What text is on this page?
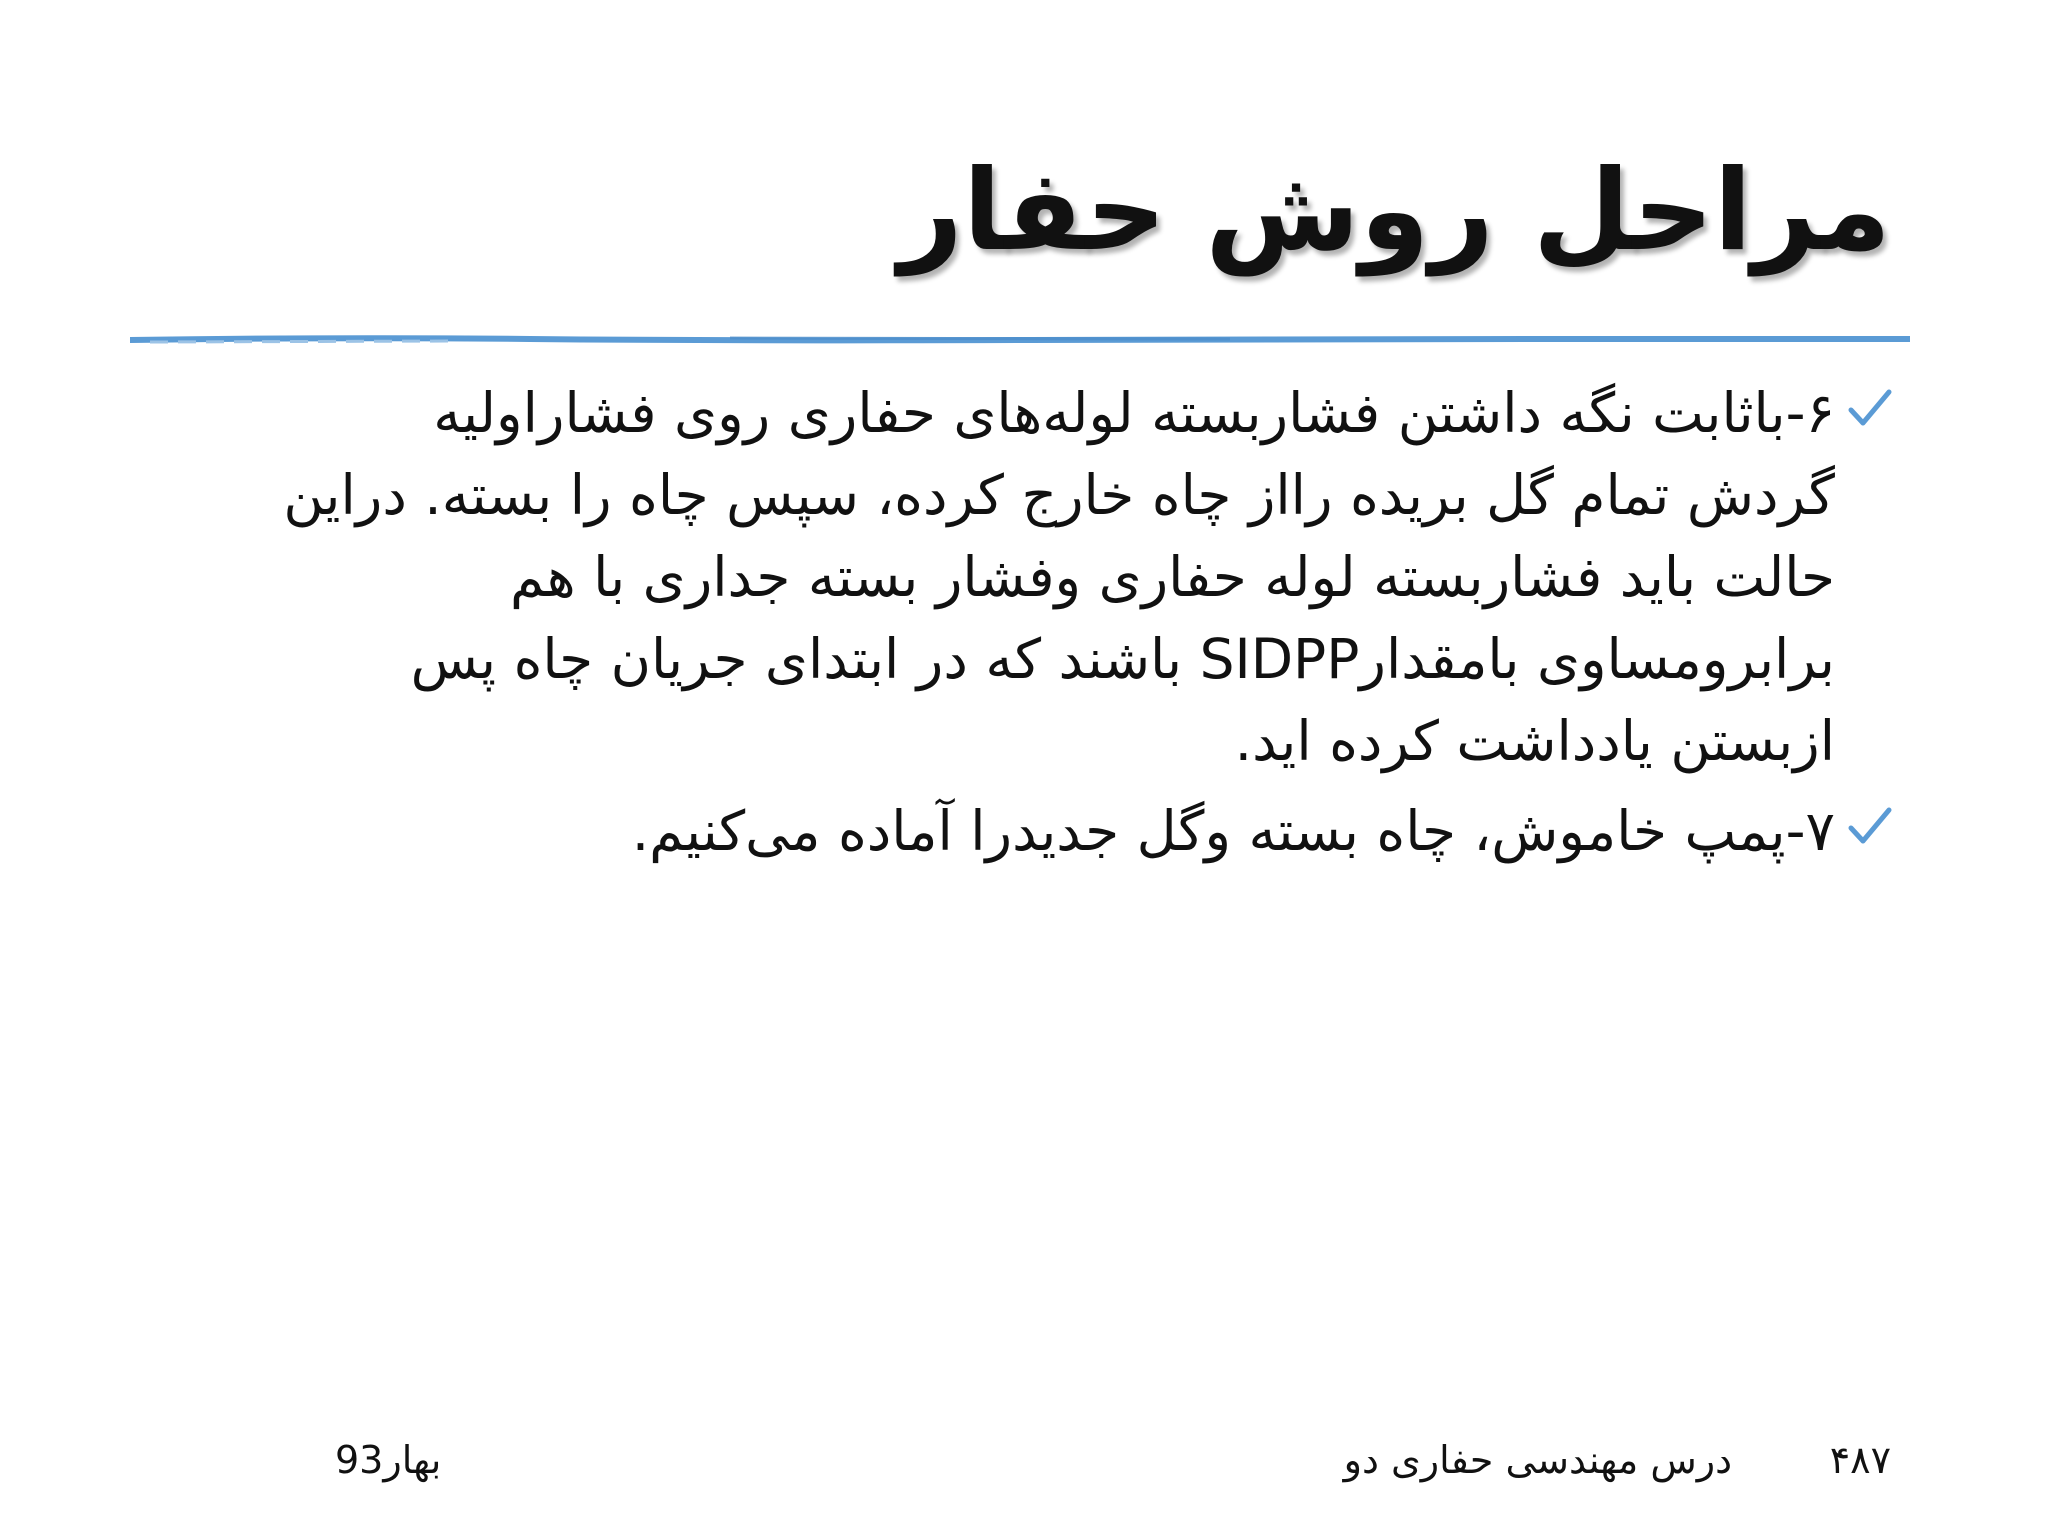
مراحل روش حفار
۶-باثابت نگه داشتن فشاربسته لوله‌های حفاری روی فشاراولیه
گردش تمام گل بریده رااز چاه خارج کرده، سپس چاه را بسته. دراین
حالت باید فشاربسته لوله حفاری وفشار بسته جداری با هم
برابرومساوی بامقدارSIDPP باشند که در ابتدای جریان چاه پس
ازبستن یادداشت کرده اید.
۷-پمپ خاموش، چاه بسته وگل جدیدرا آماده می‌کنیم.
۴۸۷
درس مهندسی حفاری دو
بهار93
